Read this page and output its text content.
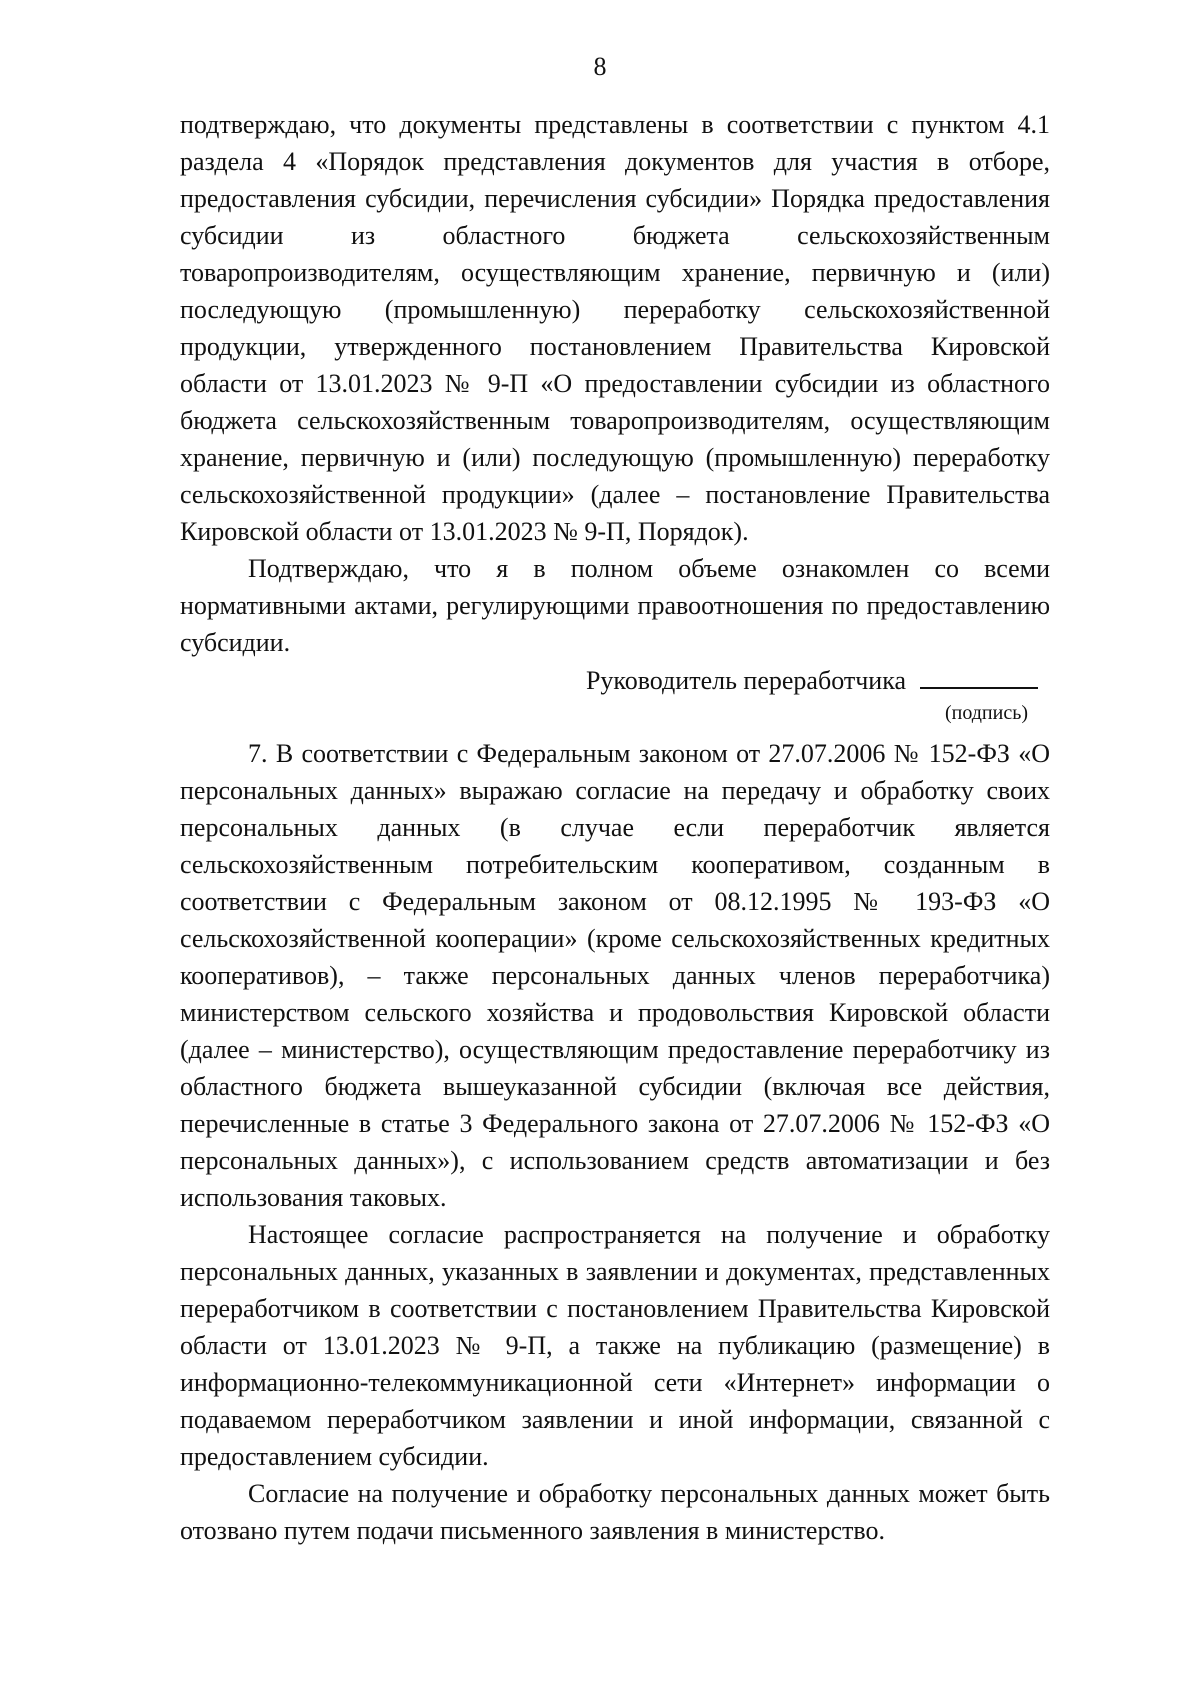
8

подтверждаю, что документы представлены в соответствии с пунктом 4.1 раздела 4 «Порядок представления документов для участия в отборе, предоставления субсидии, перечисления субсидии» Порядка предоставления субсидии из областного бюджета сельскохозяйственным товаропроизводителям, осуществляющим хранение, первичную и (или) последующую (промышленную) переработку сельскохозяйственной продукции, утвержденного постановлением Правительства Кировской области от 13.01.2023 № 9-П «О предоставлении субсидии из областного бюджета сельскохозяйственным товаропроизводителям, осуществляющим хранение, первичную и (или) последующую (промышленную) переработку сельскохозяйственной продукции» (далее – постановление Правительства Кировской области от 13.01.2023 № 9-П, Порядок).

Подтверждаю, что я в полном объеме ознакомлен со всеми нормативными актами, регулирующими правоотношения по предоставлению субсидии.

Руководитель переработчика
(подпись)

7. В соответствии с Федеральным законом от 27.07.2006 № 152-ФЗ «О персональных данных» выражаю согласие на передачу и обработку своих персональных данных (в случае если переработчик является сельскохозяйственным потребительским кооперативом, созданным в соответствии с Федеральным законом от 08.12.1995 № 193-ФЗ «О сельскохозяйственной кооперации» (кроме сельскохозяйственных кредитных кооперативов), – также персональных данных членов переработчика) министерством сельского хозяйства и продовольствия Кировской области (далее – министерство), осуществляющим предоставление переработчику из областного бюджета вышеуказанной субсидии (включая все действия, перечисленные в статье 3 Федерального закона от 27.07.2006 № 152-ФЗ «О персональных данных»), с использованием средств автоматизации и без использования таковых.

Настоящее согласие распространяется на получение и обработку персональных данных, указанных в заявлении и документах, представленных переработчиком в соответствии с постановлением Правительства Кировской области от 13.01.2023 № 9-П, а также на публикацию (размещение) в информационно-телекоммуникационной сети «Интернет» информации о подаваемом переработчиком заявлении и иной информации, связанной с предоставлением субсидии.

Согласие на получение и обработку персональных данных может быть отозвано путем подачи письменного заявления в министерство.
